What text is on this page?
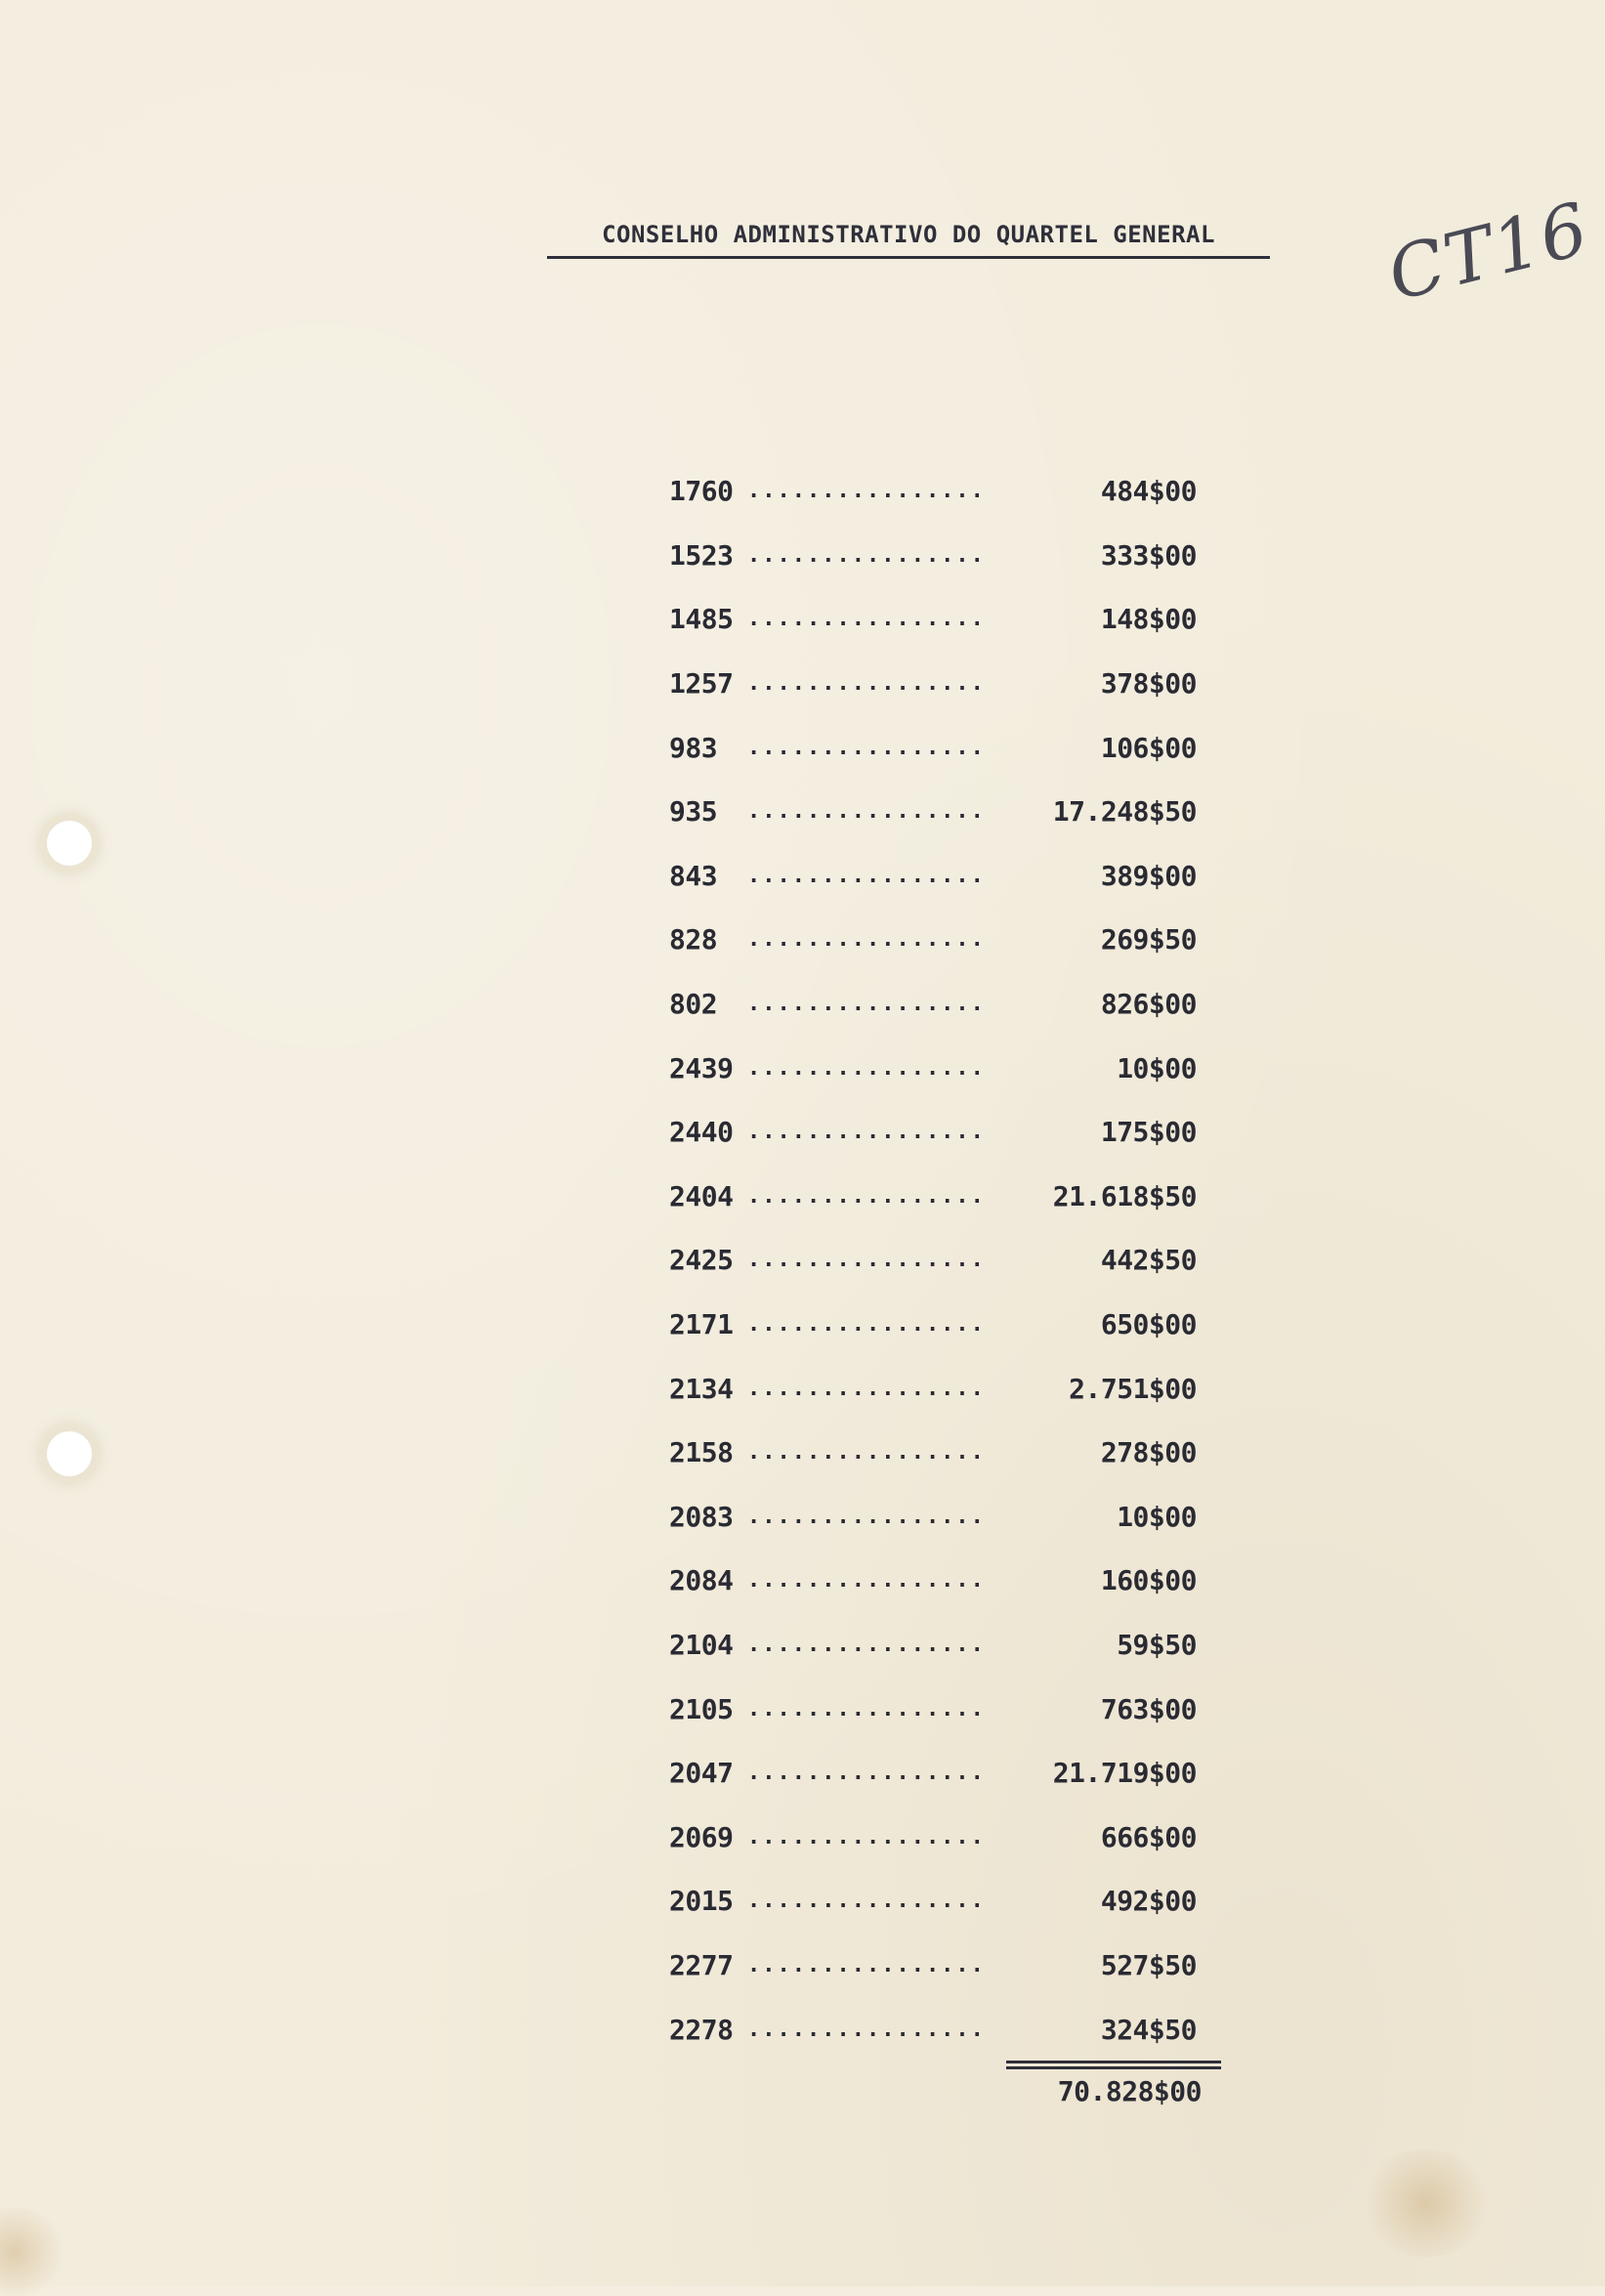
CONSELHO ADMINISTRATIVO DO QUARTEL GENERAL	CT16
1760 ................	484$00
1523 ................	333$00
1485 ................	148$00
1257 ................	378$00
983	................	106$00
935	................	17.248$50
843	................	389$00
828	................	269$50
802	................	826$00
2439 ................	10$00
2440 ................	175$00
2404 ................	21.618$50
2425 ................	442$50
2171 ................	650$00
2134 ................	2.751$00
2158 ................	278$00
2083 ................	10$00
2084 ................	160$00
2104 ................	59$50
2105 ................	763$00
2047 ................	21.719$00
2069 ................	666$00
2015 ................	492$00
2277 ................	527$50
2278 ................	324$50
70.828$00
